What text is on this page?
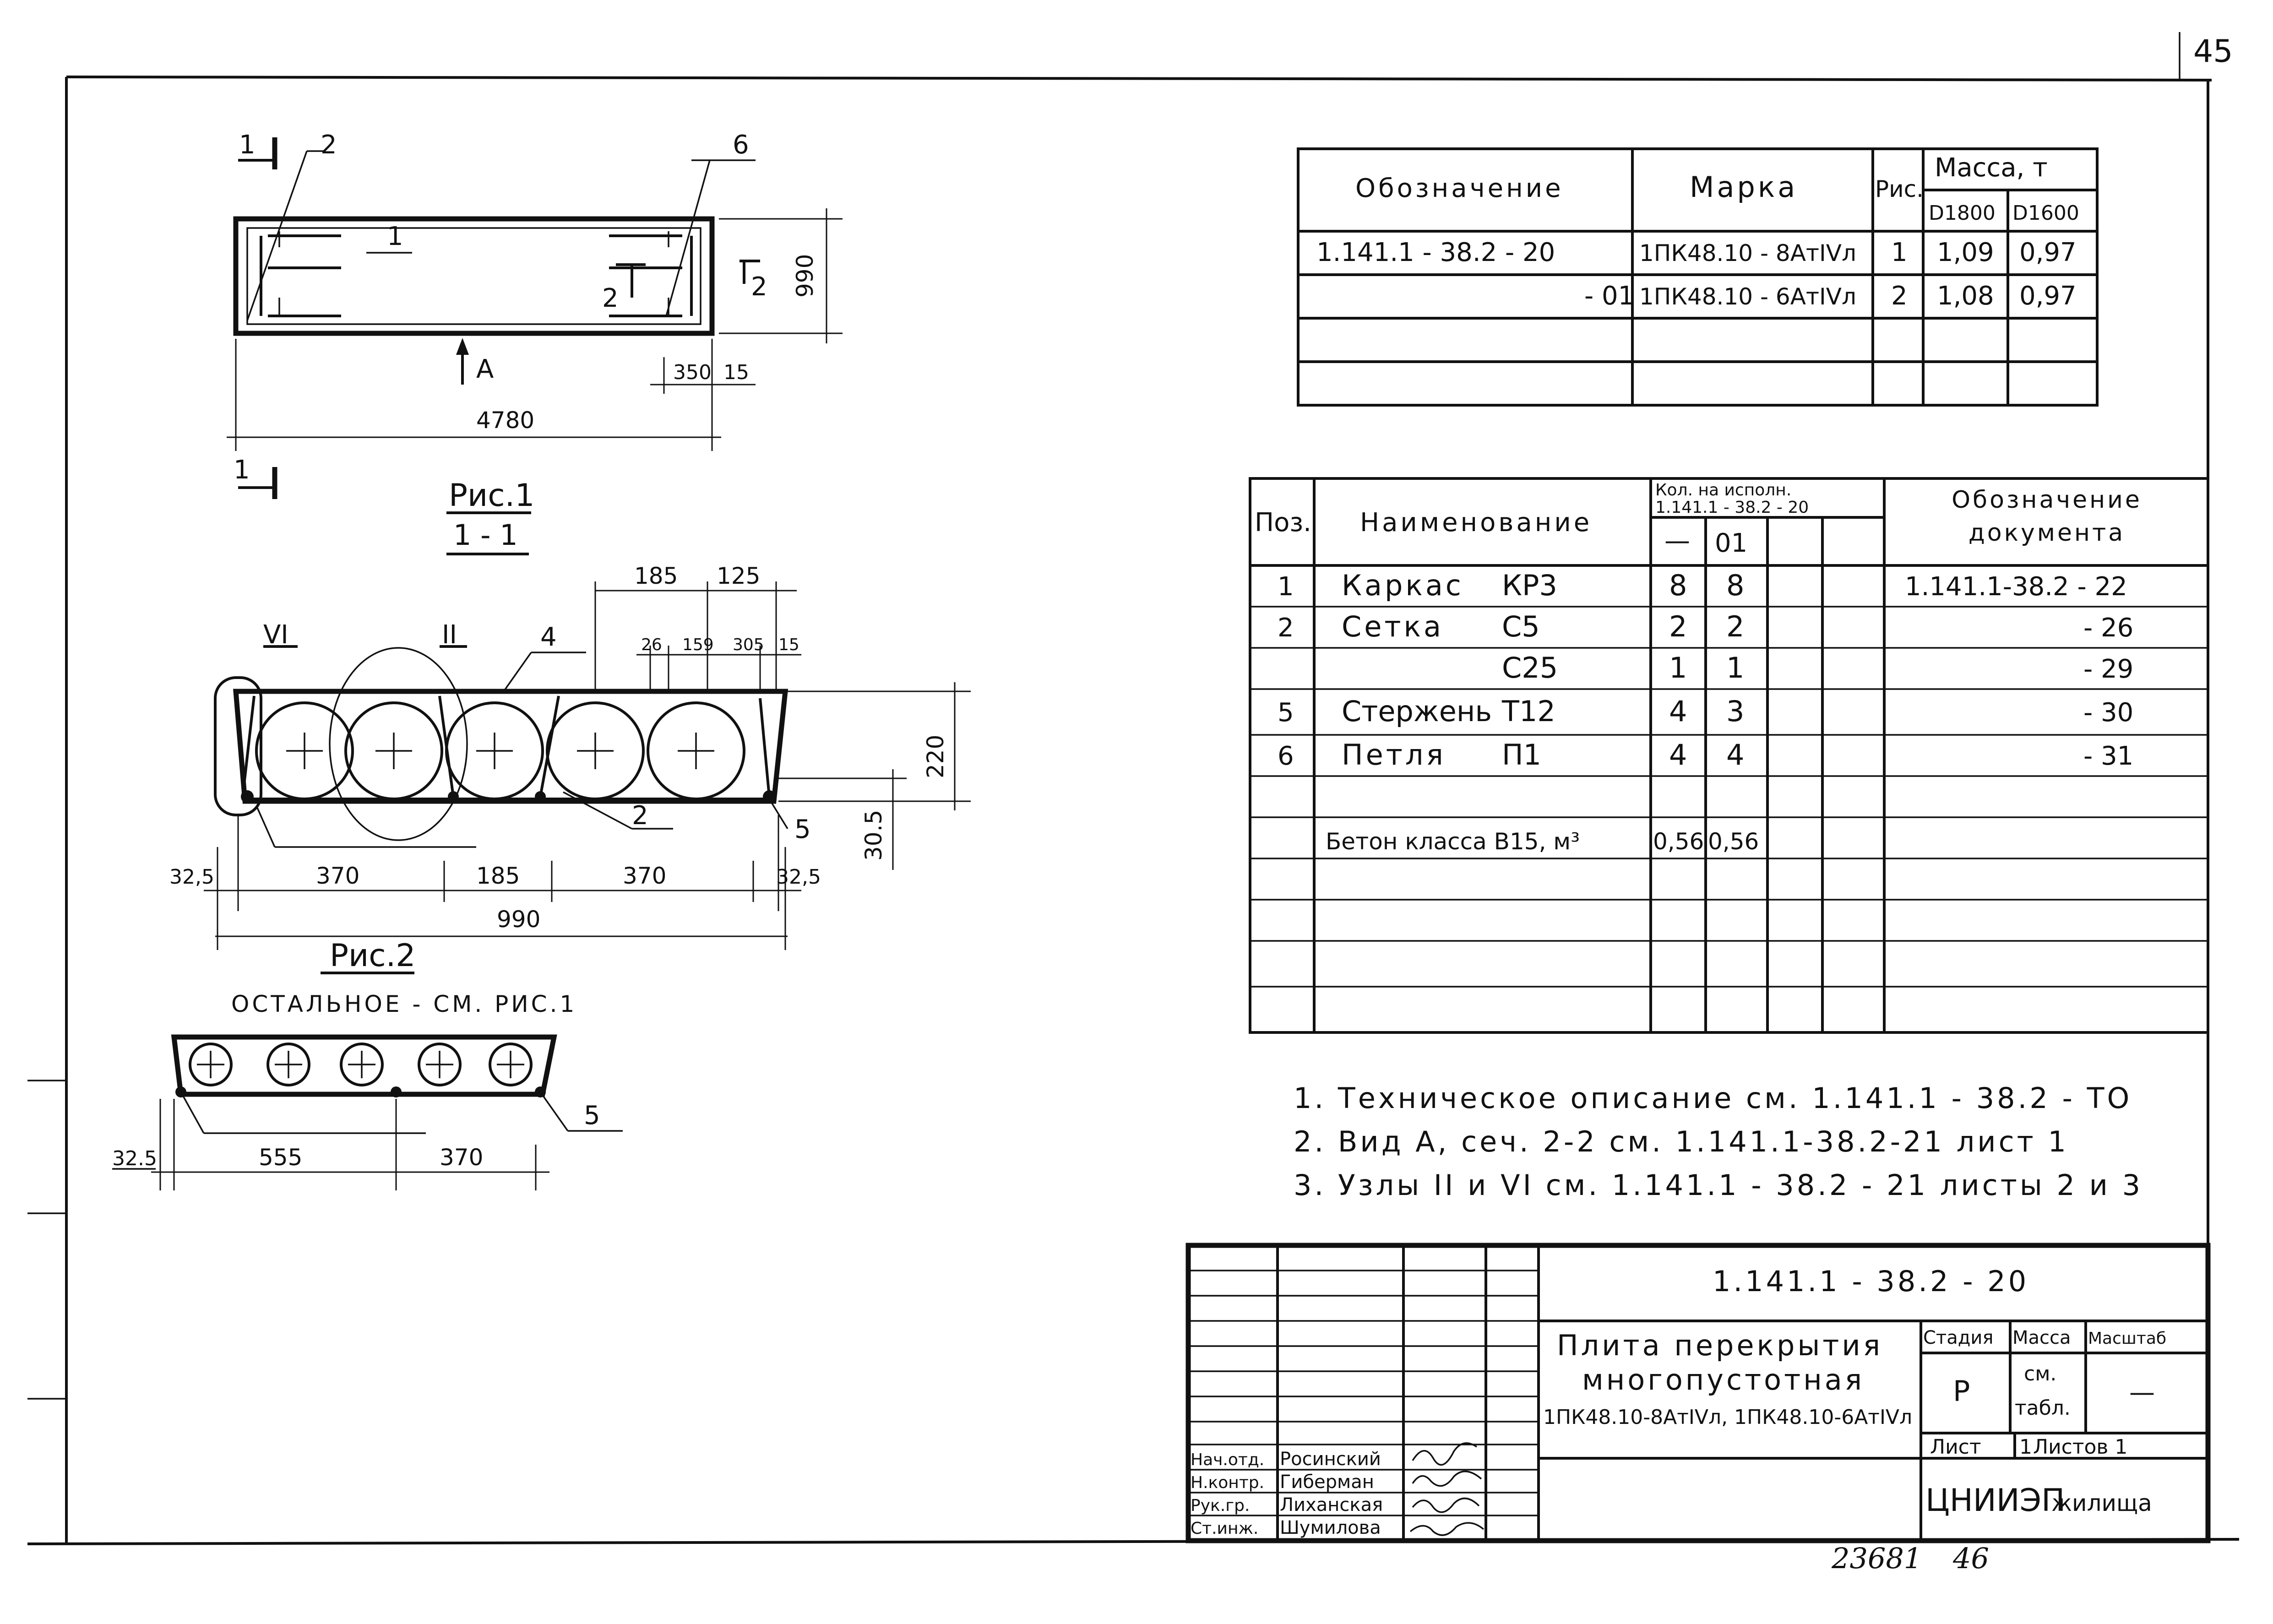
45
2
1
6
1
1
2	2
А
4780
350 15
990
Рис.1
1 - 1
VI	II	4
2	5
185 125
26 159 305 15
220
30.5
32,5	370	185	370	32,5
990
Рис.2
ОСТАЛЬНОЕ - СМ. РИС.1
5
32.5	555	370
Обозначение	Марка	Рис.
Масса, т
D1800 D1600
1.141.1 - 38.2 - 20	1ПК48.10 - 8АтIVл 1 1,09 0,97
- 01 1ПК48.10 - 6АтIVл 2 1,08 0,97
Поз. Наименование
Кол. на исполн.
1.141.1 - 38.2 - 20
— 01
Обозначение документа
1 Каркас КР3	8 8	1.141.1-38.2 - 22
2 Сетка С5	2 2	- 26
С25	1 1	- 29
5 Стержень Т12	4 3	- 30
6 Петля П1	4 4	- 31
Бетон класса В15, м³	0,56 0,56
1. Техническое описание см. 1.141.1 - 38.2 - ТО
2. Вид А, сеч. 2-2 см. 1.141.1-38.2-21 лист 1
3. Узлы II и VI см. 1.141.1 - 38.2 - 21 листы 2 и 3
1.141.1 - 38.2 - 20
Плита перекрытия
многопустотная
1ПК48.10-8АтIVл, 1ПК48.10-6АтIVл
Стадия Масса Масштаб
Р
см.
табл.
—
Лист 1 Листов 1
ЦНИИЭП
жилища
Нач.отд. Росинский
Н.контр. Гиберман
Рук.гр. Лиханская
Ст.инж. Шумилова
23681 46
